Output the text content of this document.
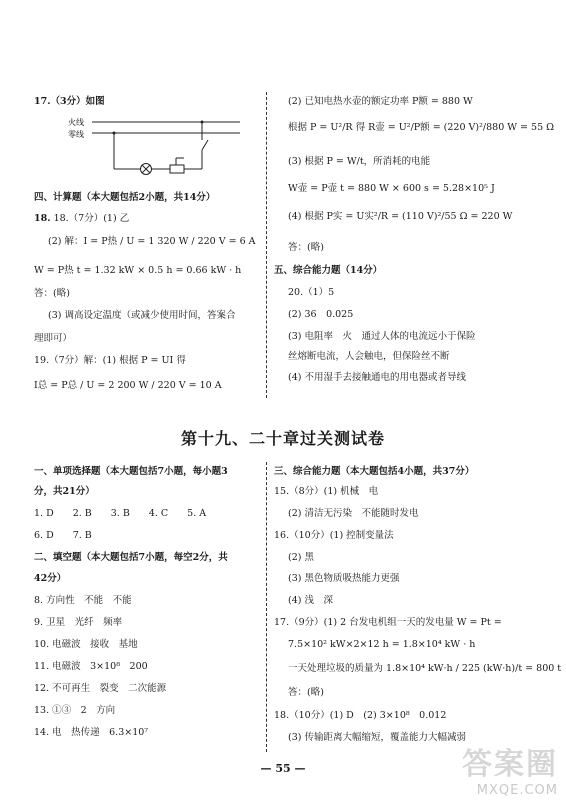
17.（3分）如图
火线
零线
四、计算题（本大题包括2小题，共14分）
18. 18.（7分）(1) 乙
(2) 解：I = P热 / U = 1 320 W / 220 V = 6 A
W = P热 t = 1.32 kW × 0.5 h = 0.66 kW · h
答：(略)
(3) 调高设定温度（或减少使用时间，答案合
理即可）
19.（7分）解：(1) 根据 P = UI 得
I总 = P总 / U = 2 200 W / 220 V = 10 A
(2) 已知电热水壶的额定功率 P额 = 880 W
根据 P = U²/R 得 R壶 = U²/P额 = (220 V)²/880 W = 55 Ω
(3) 根据 P = W/t，所消耗的电能
W壶 = P壶 t = 880 W × 600 s = 5.28×10⁵ J
(4) 根据 P实 = U实²/R = (110 V)²/55 Ω = 220 W
答：(略)
五、综合能力题（14分）
20.（1）5
(2) 36　0.025
(3) 电阻率　火　通过人体的电流远小于保险
丝熔断电流，人会触电，但保险丝不断
(4) 不用湿手去接触通电的用电器或者导线
第十九、二十章过关测试卷
一、单项选择题（本大题包括7小题，每小题3
分，共21分）
1. D　　2. B　　3. B　　4. C　　5. A
6. D　　7. B
二、填空题（本大题包括7小题，每空2分，共
42分）
8. 方向性　不能　不能
9. 卫星　光纤　频率
10. 电磁波　接收　基地
11. 电磁波　3×10⁸　200
12. 不可再生　裂变　二次能源
13. ①③　2　方向
14. 电　热传递　6.3×10⁷
三、综合能力题（本大题包括4小题，共37分）
15.（8分）(1) 机械　电
(2) 清洁无污染　不能随时发电
16.（10分）(1) 控制变量法
(2) 黑
(3) 黑色物质吸热能力更强
(4) 浅　深
17.（9分）(1) 2 台发电机组一天的发电量 W = Pt =
7.5×10² kW×2×12 h = 1.8×10⁴ kW · h
一天处理垃圾的质量为 1.8×10⁴ kW·h / 225 (kW·h)/t = 800 t
答：(略)
18.（10分）(1) D　(2) 3×10⁸　0.012
(3) 传输距离大幅缩短，覆盖能力大幅减弱
— 55 —	答案圈
MXQE.COM
